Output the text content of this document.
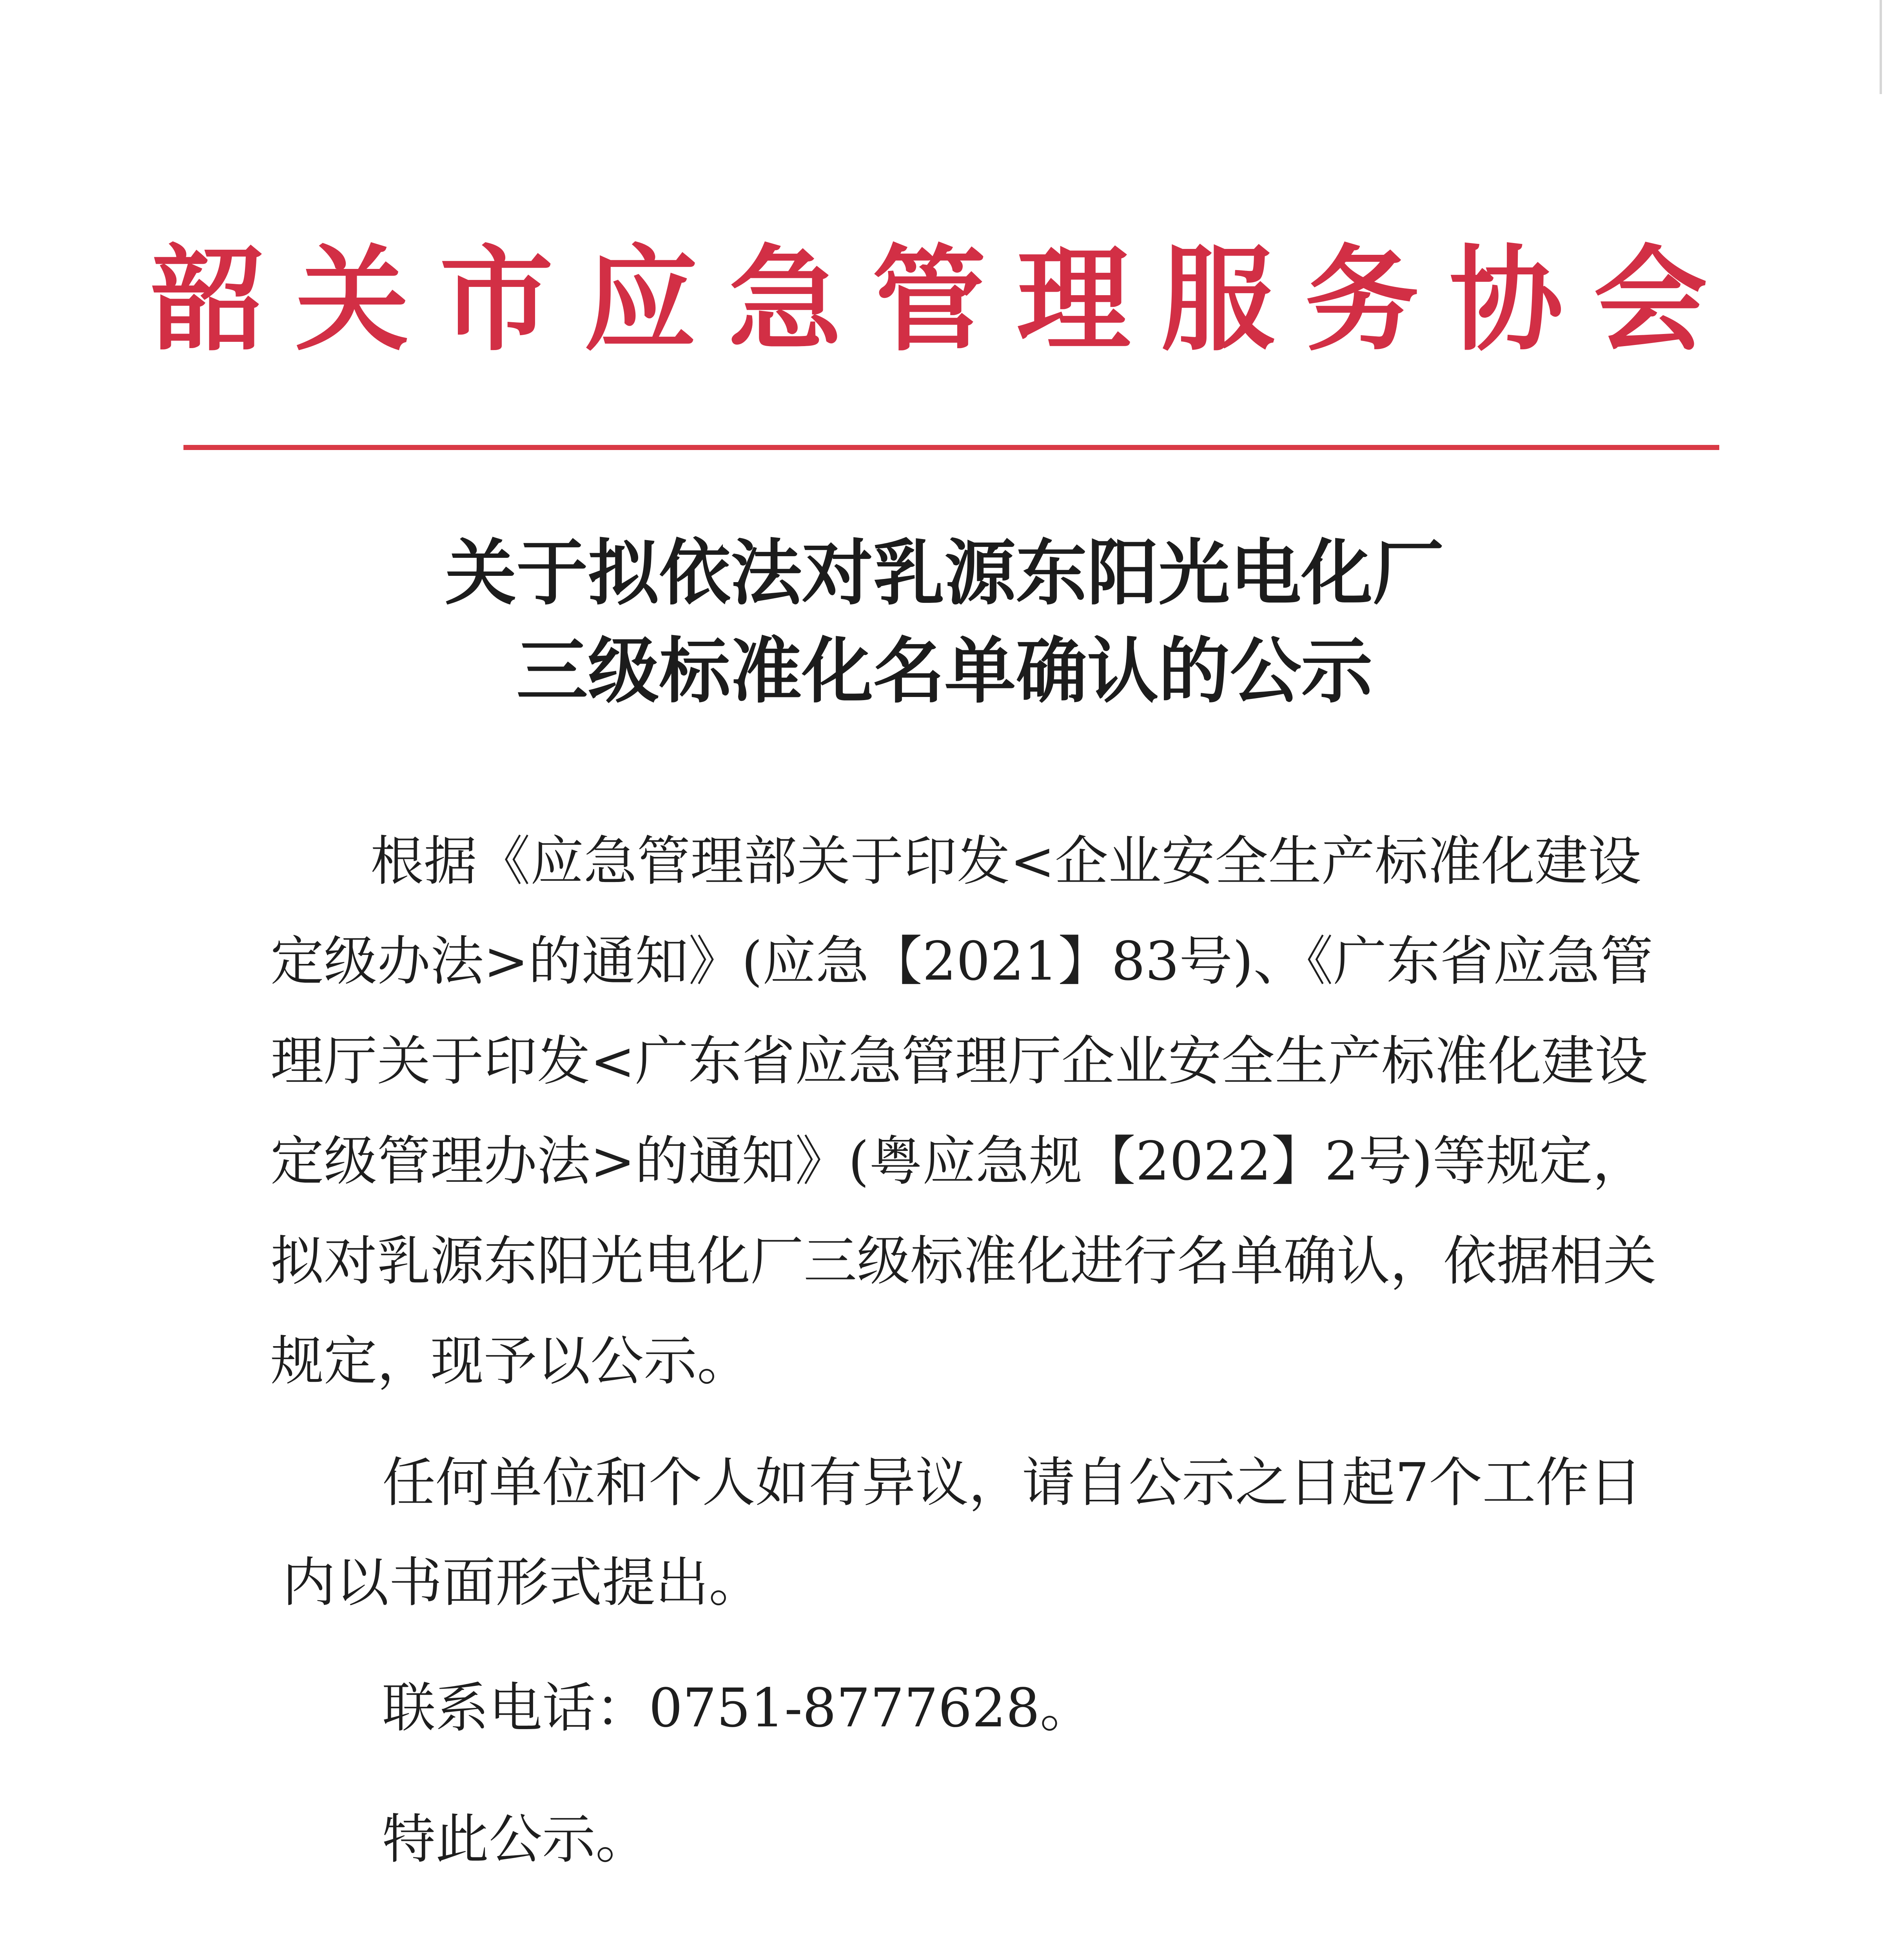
韶关市应急管理服务协会
关于拟依法对乳源东阳光电化厂
三级标准化名单确认的公示
根据《应急管理部关于印发<企业安全生产标准化建设
定级办法>的通知》(应急【2021】83号)、《广东省应急管
理厅关于印发<广东省应急管理厅企业安全生产标准化建设
定级管理办法>的通知》(粤应急规【2022】2号)等规定，
拟对乳源东阳光电化厂三级标准化进行名单确认，依据相关
规定，现予以公示。
任何单位和个人如有异议，请自公示之日起7个工作日
内以书面形式提出。
联系电话：0751-8777628。
特此公示。
